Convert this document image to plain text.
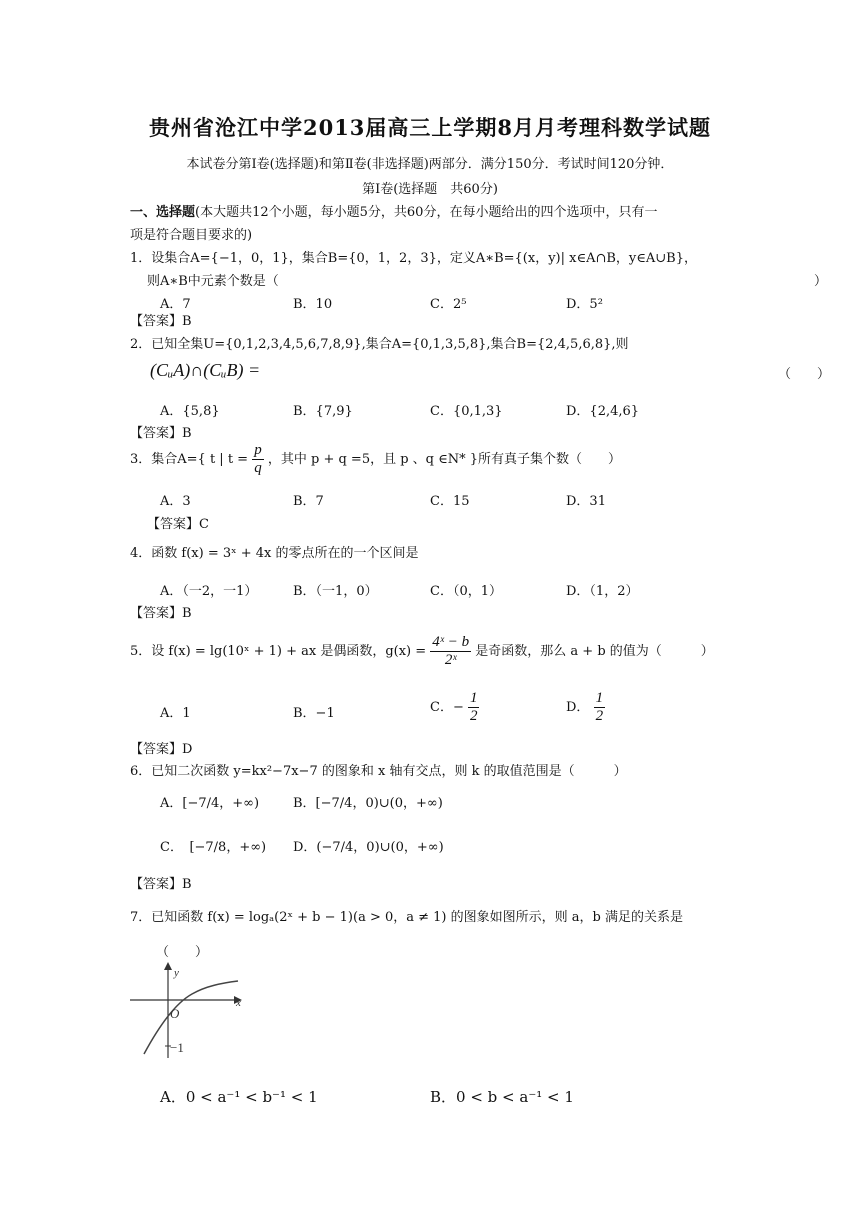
贵州省沧江中学2013届高三上学期8月月考理科数学试题
本试卷分第Ⅰ卷(选择题)和第Ⅱ卷(非选择题)两部分．满分150分．考试时间120分钟．
第Ⅰ卷(选择题　共60分)
一、选择题(本大题共12个小题，每小题5分，共60分，在每小题给出的四个选项中，只有一
项是符合题目要求的)
1．设集合A={−1，0，1}，集合B={0，1，2，3}，定义A∗B={(x，y)| x∈A∩B，y∈A∪B}，
则A∗B中元素个数是（	）
A．7	B．10	C．2⁵	D．5²
【答案】B
2．已知全集U={0,1,2,3,4,5,6,7,8,9},集合A={0,1,3,5,8},集合B={2,4,5,6,8},则
(CᵤA)∩(CᵤB) =	（　　）
A．{5,8}	B．{7,9}	C．{0,1,3}	D．{2,4,6}
【答案】B
3．集合A={ t | $t = \frac{p}{q}$ ，其中 p + q =5，且 p 、q ∈N* }所有真子集个数（　　）
A．3	B．7	C．15	D．31
【答案】C
4．函数 f(x) = 3ˣ + 4x 的零点所在的一个区间是
A．（一2，一1）	B．（一1，0）	C．（0，1）	D．（1，2）
【答案】B
5．设 f(x) = lg(10ˣ + 1) + ax 是偶函数，$g(x) = \frac{\text{4ˣ − b}}{\text{2ˣ}}$ 是奇函数，那么 a + b 的值为（　　　）
A．1	B．−1	C．− $\frac{1}{2}$	D． $\frac{1}{2}$
【答案】D
6．已知二次函数 y=kx²−7x−7 的图象和 x 轴有交点，则 k 的取值范围是（　　　）
A．[−7/4，+∞)	B．[−7/4，0)∪(0，+∞)
C．　[−7/8，+∞) D．(−7/4，0)∪(0，+∞)
【答案】B
7．已知函数 f(x) = logₐ(2ˣ + b − 1)(a > 0，a ≠ 1) 的图象如图所示，则 a，b 满足的关系是
（　　）
y
x
O
−1
A．0 < a⁻¹ < b⁻¹ < 1	B．0 < b < a⁻¹ < 1
